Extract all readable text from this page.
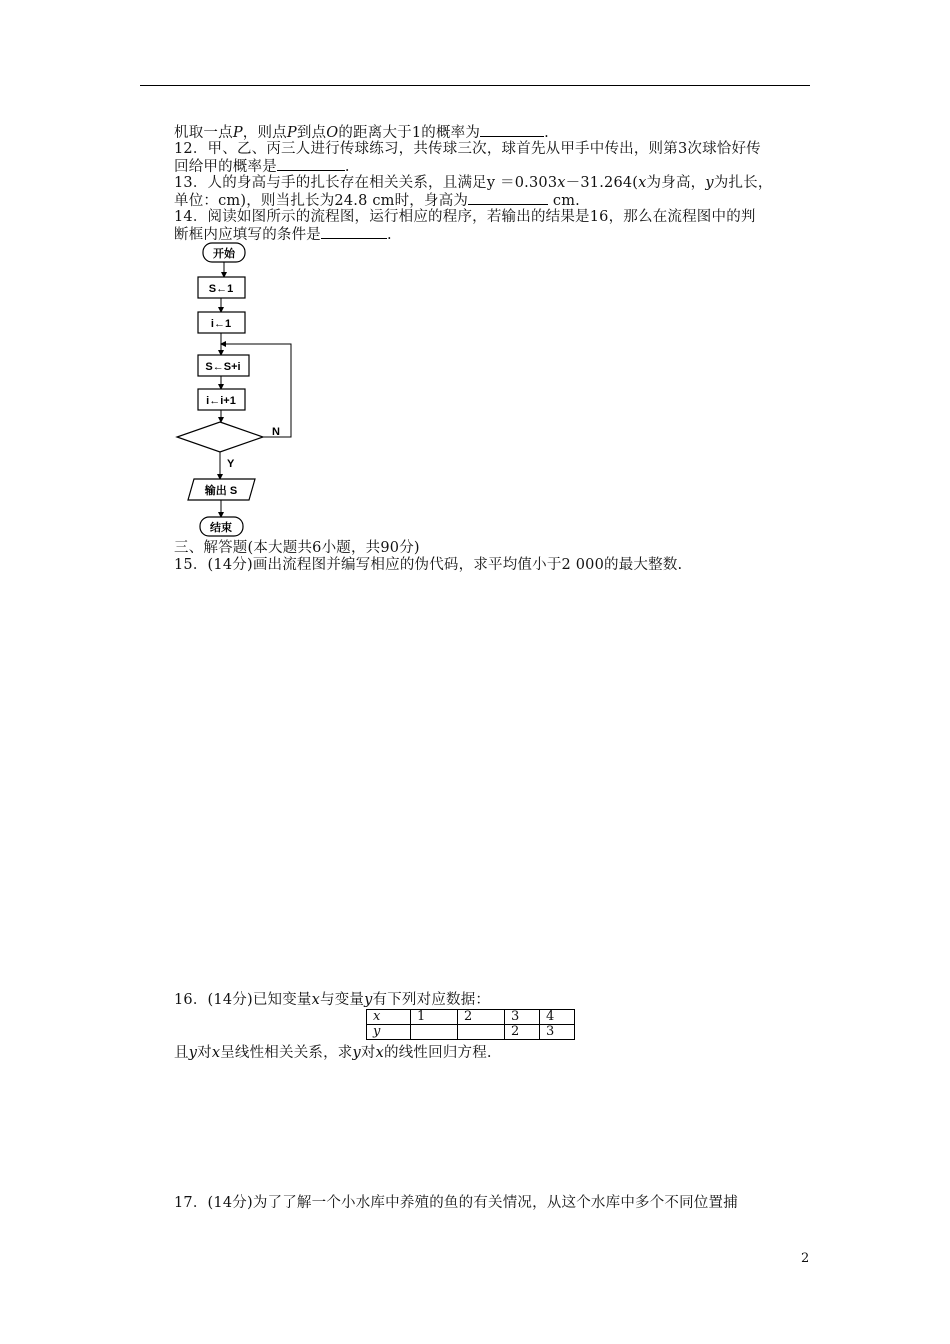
机取一点P，则点P到点O的距离大于1的概率为	.
12．甲、乙、丙三人进行传球练习，共传球三次，球首先从甲手中传出，则第3次球恰好传
回给甲的概率是	.
13．人的身高与手的扎长存在相关关系，且满足y ＝0.303x－31.264(x为身高，y为扎长，
单位：cm)，则当扎长为24.8 cm时，身高为	cm.
14．阅读如图所示的流程图，运行相应的程序，若输出的结果是16，那么在流程图中的判
断框内应填写的条件是	.
开始
S←1
i←1
S←S+i
i←i+1
N
Y
输出 S
结束
三、解答题(本大题共6小题，共90分)
15．(14分)画出流程图并编写相应的伪代码，求平均值小于2 000的最大整数.
16．(14分)已知变量x与变量y有下列对应数据：
x	1	2	3	4
y			2	3
且y对x呈线性相关关系，求y对x的线性回归方程.
17．(14分)为了了解一个小水库中养殖的鱼的有关情况，从这个水库中多个不同位置捕
2
